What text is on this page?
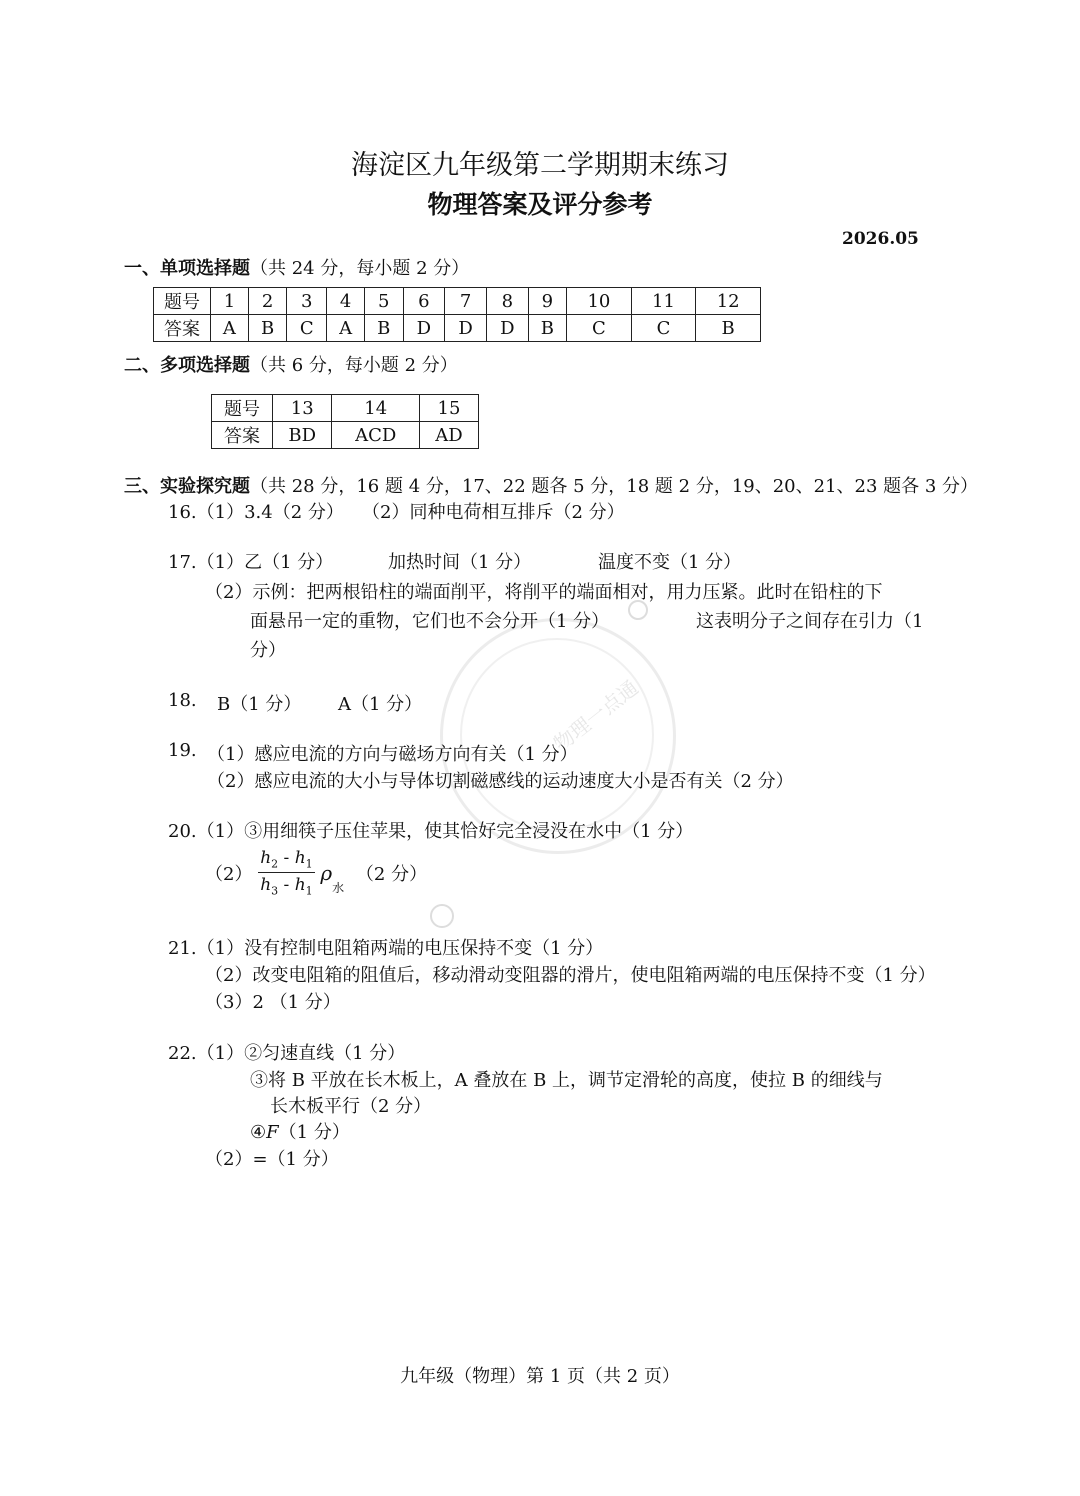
物理一点通
海淀区九年级第二学期期末练习
物理答案及评分参考
2026.05
一、单项选择题（共 24 分，每小题 2 分）
题号	1	2	3	4	5	6	7	8	9	10	11	12
答案	A	B	C	A	B	D	D	D	B	C	C	B
二、多项选择题（共 6 分，每小题 2 分）
题号	13	14	15
答案	BD	ACD	AD
三、实验探究题（共 28 分，16 题 4 分，17、22 题各 5 分，18 题 2 分，19、20、21、23 题各 3 分）
16.（1）3.4（2 分） （2）同种电荷相互排斥（2 分）
17.（1）乙（1 分）	加热时间（1 分）	温度不变（1 分）
（2）示例：把两根铅柱的端面削平，将削平的端面相对，用力压紧。此时在铅柱的下
面悬吊一定的重物，它们也不会分开（1 分）	这表明分子之间存在引力（1
分）
18. B（1 分） A（1 分）
19. （1）感应电流的方向与磁场方向有关（1 分）
（2）感应电流的大小与导体切割磁感线的运动速度大小是否有关（2 分）
20.（1）③用细筷子压住苹果，使其恰好完全浸没在水中（1 分）
$(2) \frac{h_2 - h_1}{h_3 - h_1} \rho_水$ （2 分）
21.（1）没有控制电阻箱两端的电压保持不变（1 分）
（2）改变电阻箱的阻值后，移动滑动变阻器的滑片，使电阻箱两端的电压保持不变（1 分）
（3）2 （1 分）
22.（1）②匀速直线（1 分）
③将 B 平放在长木板上，A 叠放在 B 上，调节定滑轮的高度，使拉 B 的细线与
长木板平行（2 分）
④F（1 分）
（2）=（1 分）
九年级（物理）第 1 页（共 2 页）
